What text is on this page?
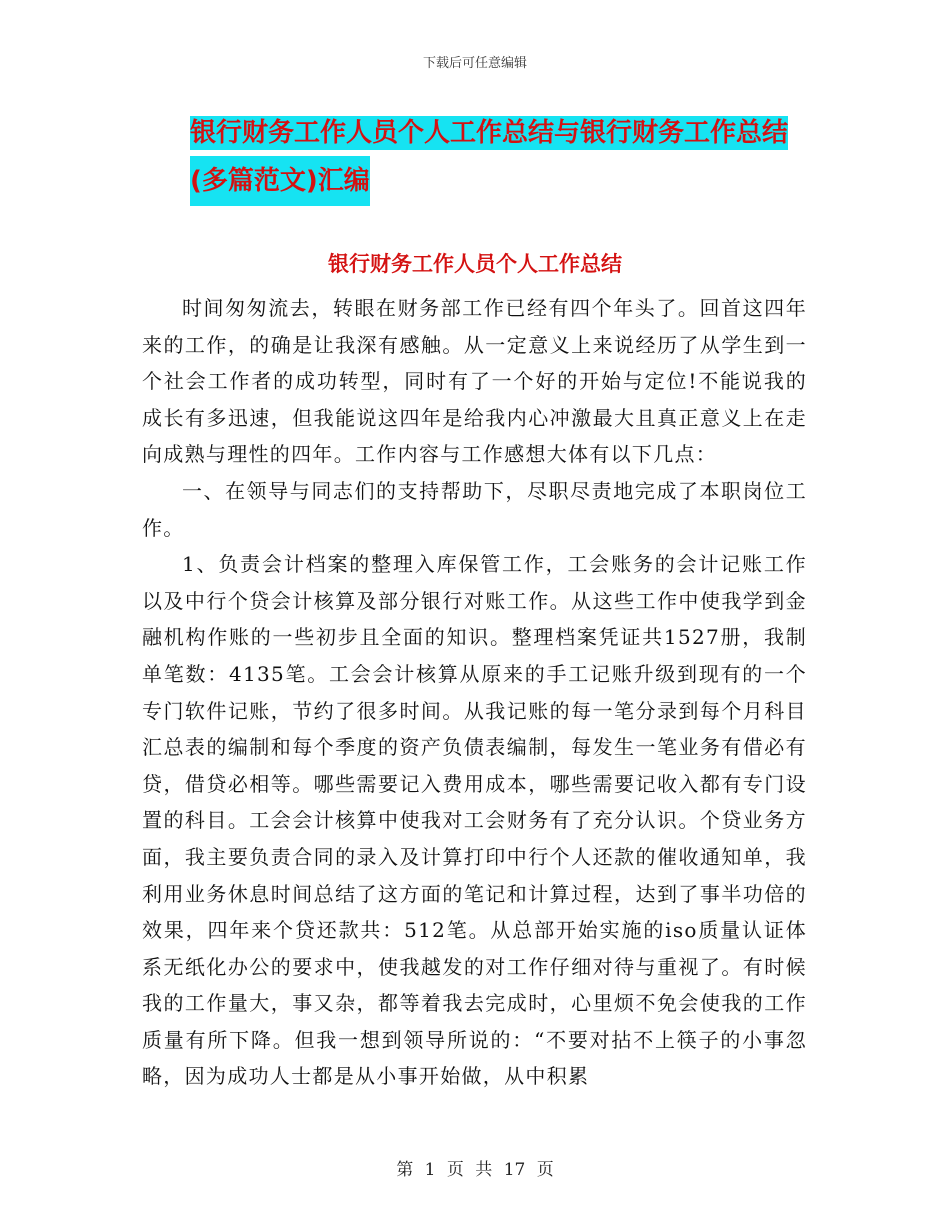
下载后可任意编辑
银行财务工作人员个人工作总结与银行财务工作总结
(多篇范文)汇编
银行财务工作人员个人工作总结

时间匆匆流去，转眼在财务部工作已经有四个年头了。回首这四年来的工作，的确是让我深有感触。从一定意义上来说经历了从学生到一个社会工作者的成功转型，同时有了一个好的开始与定位!不能说我的成长有多迅速，但我能说这四年是给我内心冲激最大且真正意义上在走向成熟与理性的四年。工作内容与工作感想大体有以下几点：

一、在领导与同志们的支持帮助下，尽职尽责地完成了本职岗位工作。

1、负责会计档案的整理入库保管工作，工会账务的会计记账工作以及中行个贷会计核算及部分银行对账工作。从这些工作中使我学到金融机构作账的一些初步且全面的知识。整理档案凭证共1527册，我制单笔数：4135笔。工会会计核算从原来的手工记账升级到现有的一个专门软件记账，节约了很多时间。从我记账的每一笔分录到每个月科目汇总表的编制和每个季度的资产负债表编制，每发生一笔业务有借必有贷，借贷必相等。哪些需要记入费用成本，哪些需要记收入都有专门设置的科目。工会会计核算中使我对工会财务有了充分认识。个贷业务方面，我主要负责合同的录入及计算打印中行个人还款的催收通知单，我利用业务休息时间总结了这方面的笔记和计算过程，达到了事半功倍的效果，四年来个贷还款共：512笔。从总部开始实施的iso质量认证体系无纸化办公的要求中，使我越发的对工作仔细对待与重视了。有时候我的工作量大，事又杂，都等着我去完成时，心里烦不免会使我的工作质量有所下降。但我一想到领导所说的：“不要对拈不上筷子的小事忽略，因为成功人士都是从小事开始做，从中积累

第 1 页 共 17 页
